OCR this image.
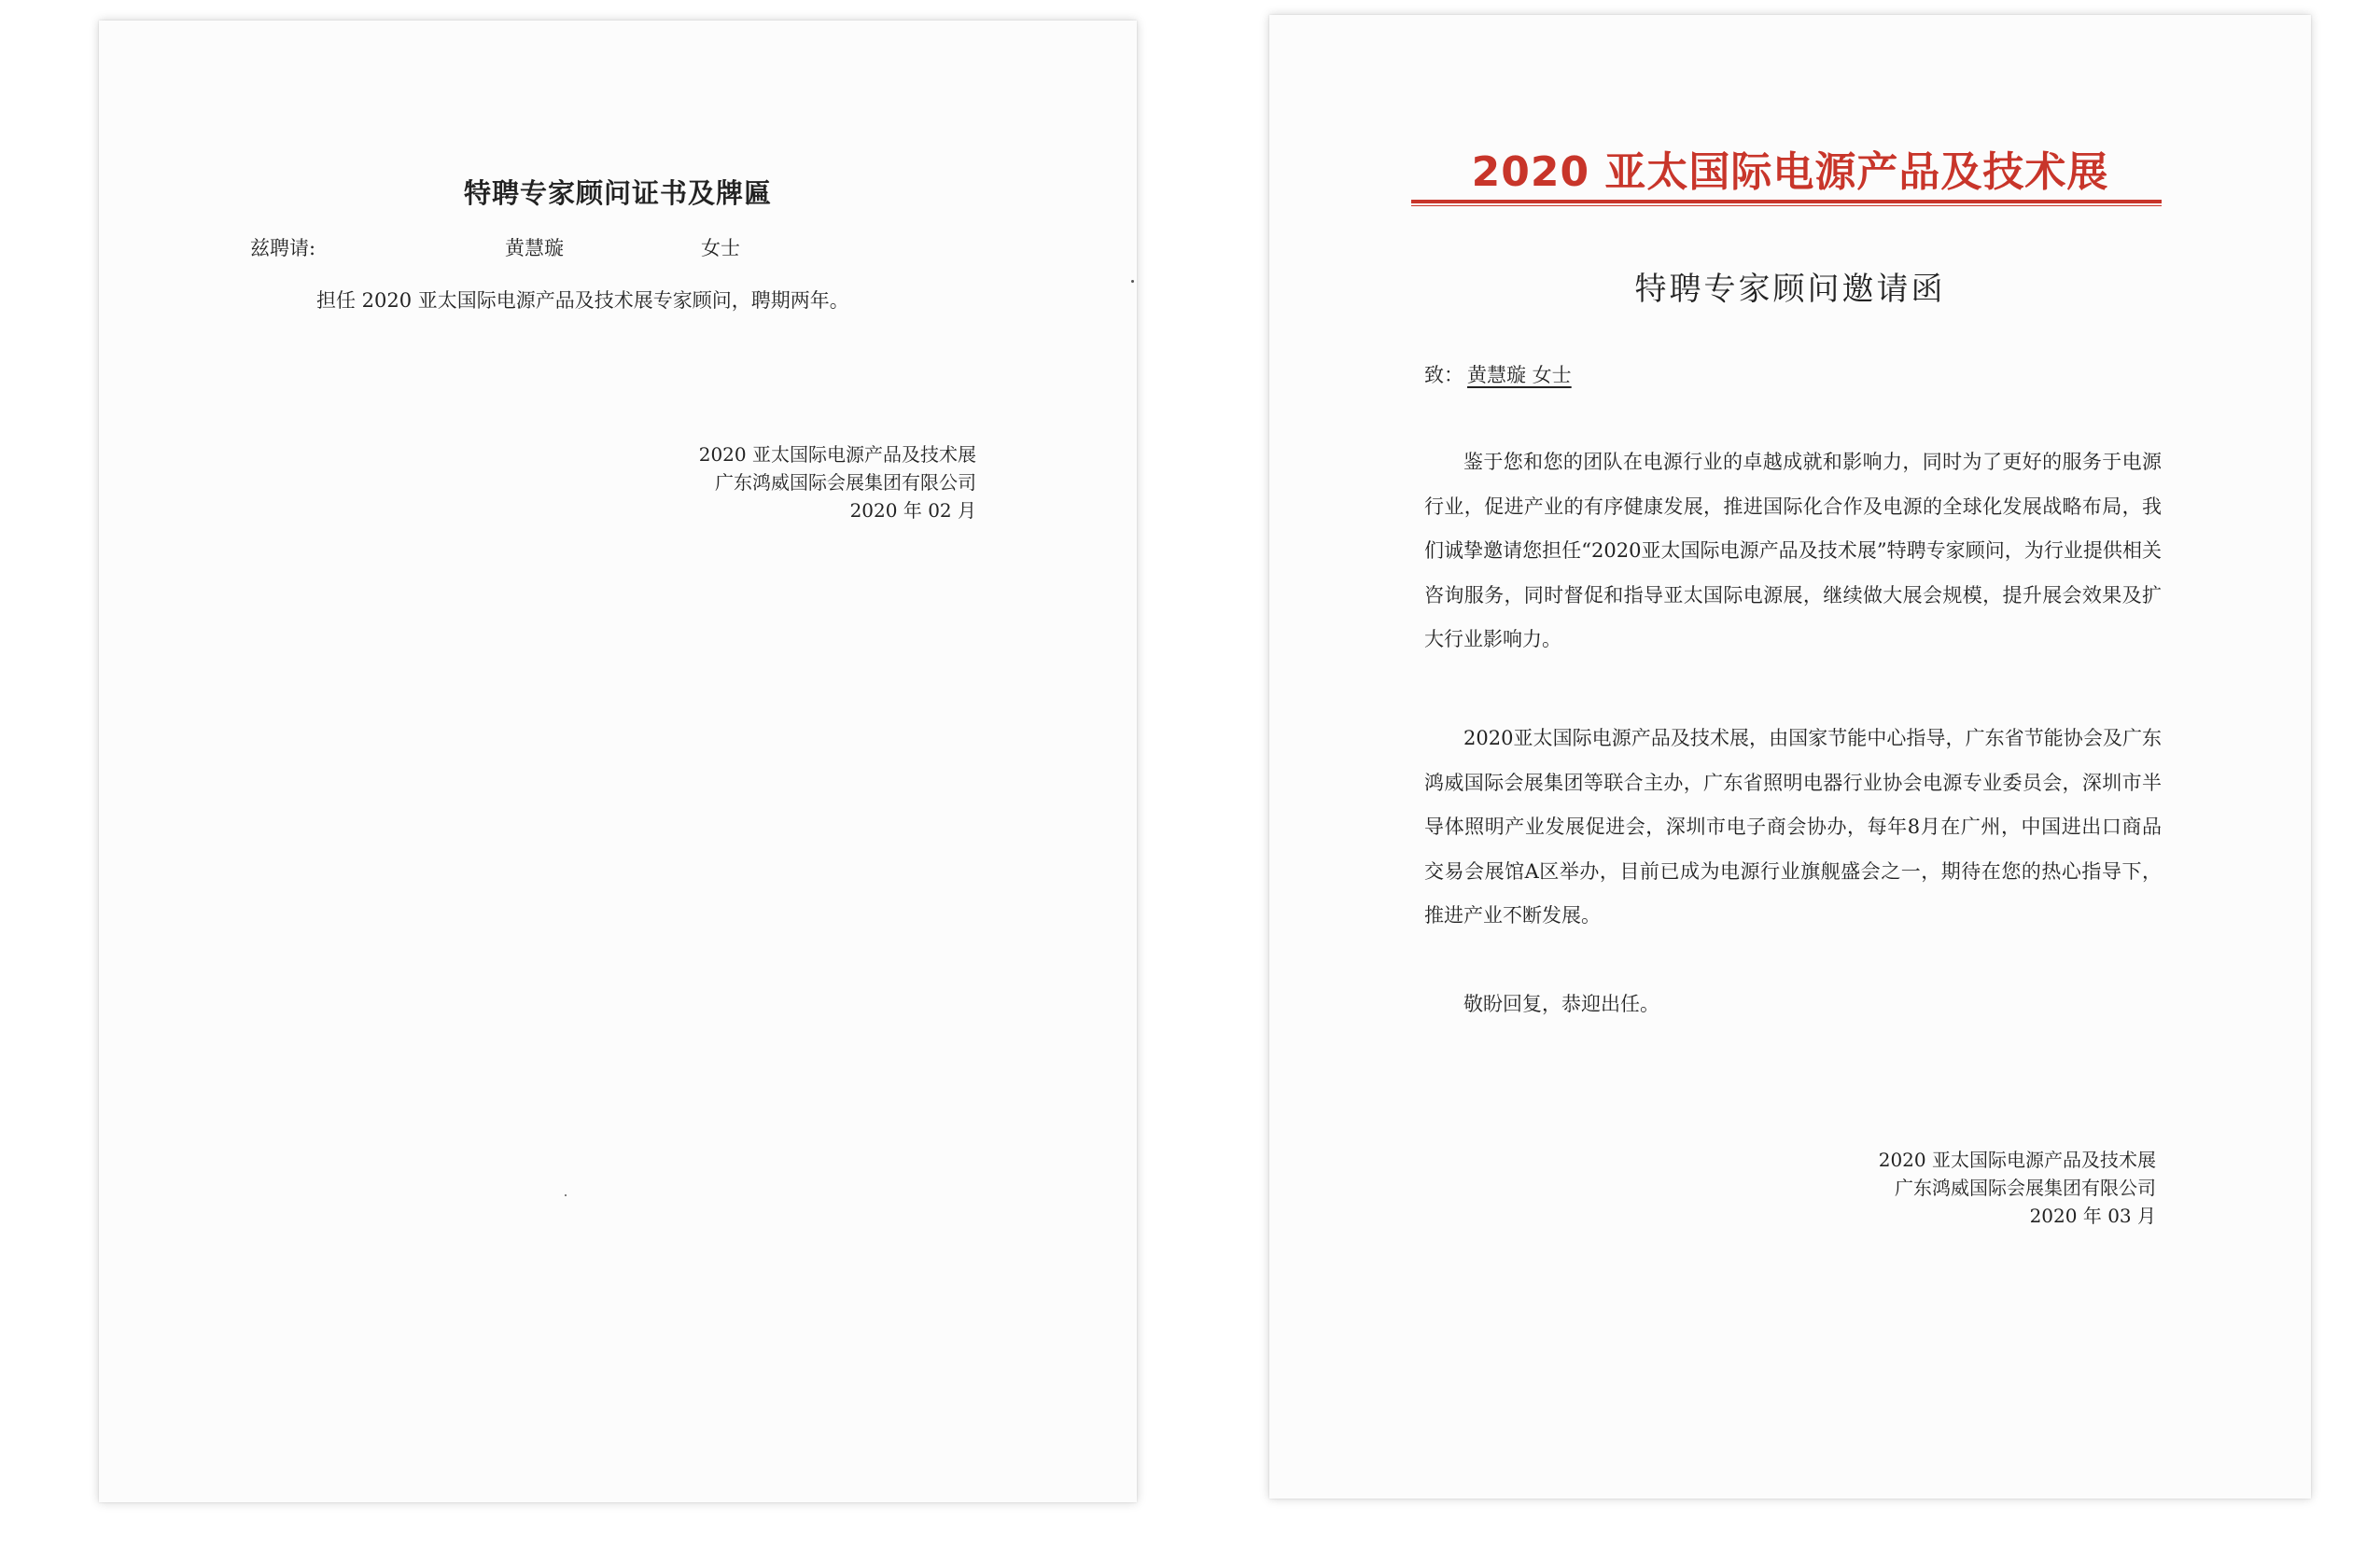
特聘专家顾问证书及牌匾
兹聘请:	黄慧璇	女士
担任 2020 亚太国际电源产品及技术展专家顾问，聘期两年。
2020 亚太国际电源产品及技术展
广东鸿威国际会展集团有限公司
2020 年 02 月
2020 亚太国际电源产品及技术展
特聘专家顾问邀请函
致： 黄慧璇 女士

鉴于您和您的团队在电源行业的卓越成就和影响力，同时为了更好的服务于电源行业，促进产业的有序健康发展，推进国际化合作及电源的全球化发展战略布局，我们诚挚邀请您担任“2020亚太国际电源产品及技术展”特聘专家顾问，为行业提供相关咨询服务，同时督促和指导亚太国际电源展，继续做大展会规模，提升展会效果及扩大行业影响力。

2020亚太国际电源产品及技术展，由国家节能中心指导，广东省节能协会及广东鸿威国际会展集团等联合主办，广东省照明电器行业协会电源专业委员会，深圳市半导体照明产业发展促进会，深圳市电子商会协办，每年8月在广州，中国进出口商品交易会展馆A区举办，目前已成为电源行业旗舰盛会之一，期待在您的热心指导下，推进产业不断发展。

敬盼回复，恭迎出任。

2020 亚太国际电源产品及技术展
广东鸿威国际会展集团有限公司
2020 年 03 月
